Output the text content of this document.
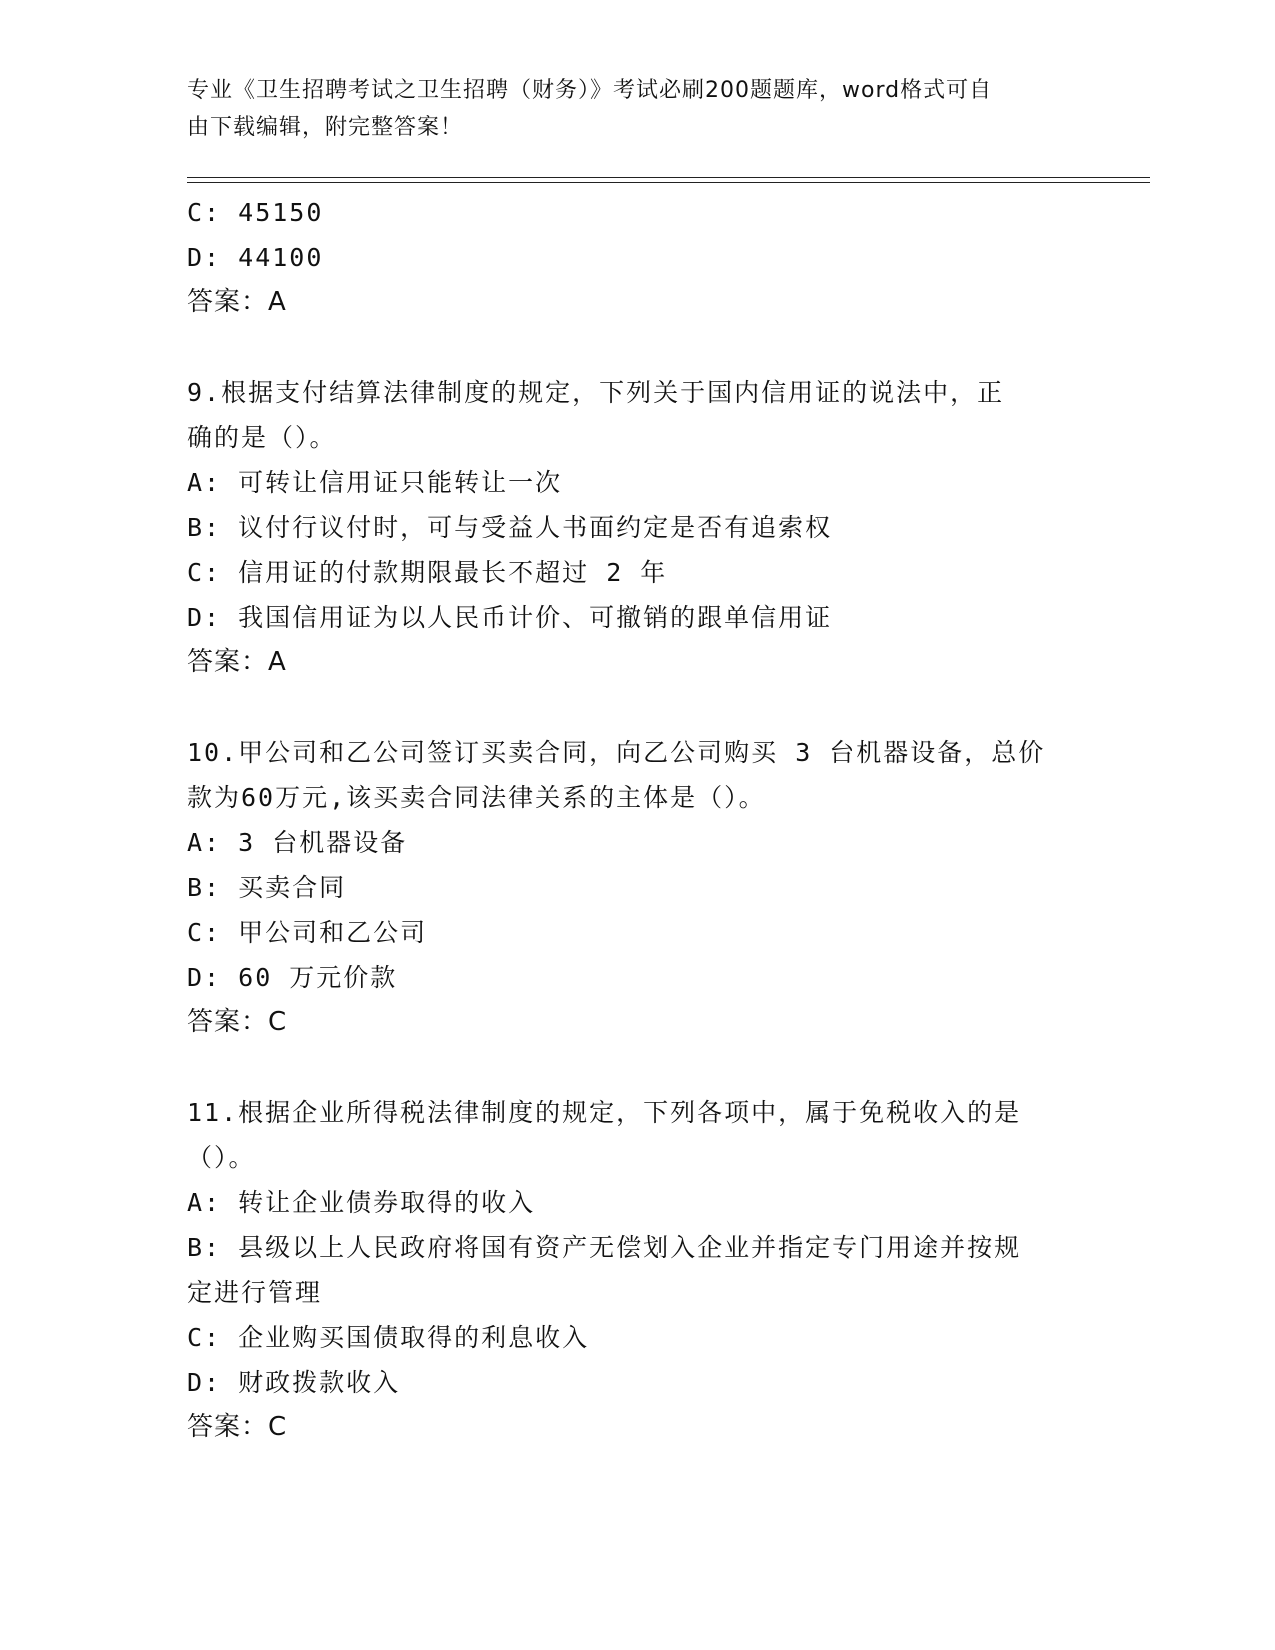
专业《卫生招聘考试之卫生招聘（财务）》考试必刷200题题库，word格式可自
由下载编辑，附完整答案！
C: 45150
D: 44100
答案：A
9.根据支付结算法律制度的规定，下列关于国内信用证的说法中，正
确的是（）。
A: 可转让信用证只能转让一次
B: 议付行议付时，可与受益人书面约定是否有追索权
C: 信用证的付款期限最长不超过 2 年
D: 我国信用证为以人民币计价、可撤销的跟单信用证
答案：A
10.甲公司和乙公司签订买卖合同，向乙公司购买 3 台机器设备，总价
款为60万元,该买卖合同法律关系的主体是（）。
A: 3 台机器设备
B: 买卖合同
C: 甲公司和乙公司
D: 60 万元价款
答案：C
11.根据企业所得税法律制度的规定，下列各项中，属于免税收入的是
（）。
A: 转让企业债券取得的收入
B: 县级以上人民政府将国有资产无偿划入企业并指定专门用途并按规
定进行管理
C: 企业购买国债取得的利息收入
D: 财政拨款收入
答案：C
